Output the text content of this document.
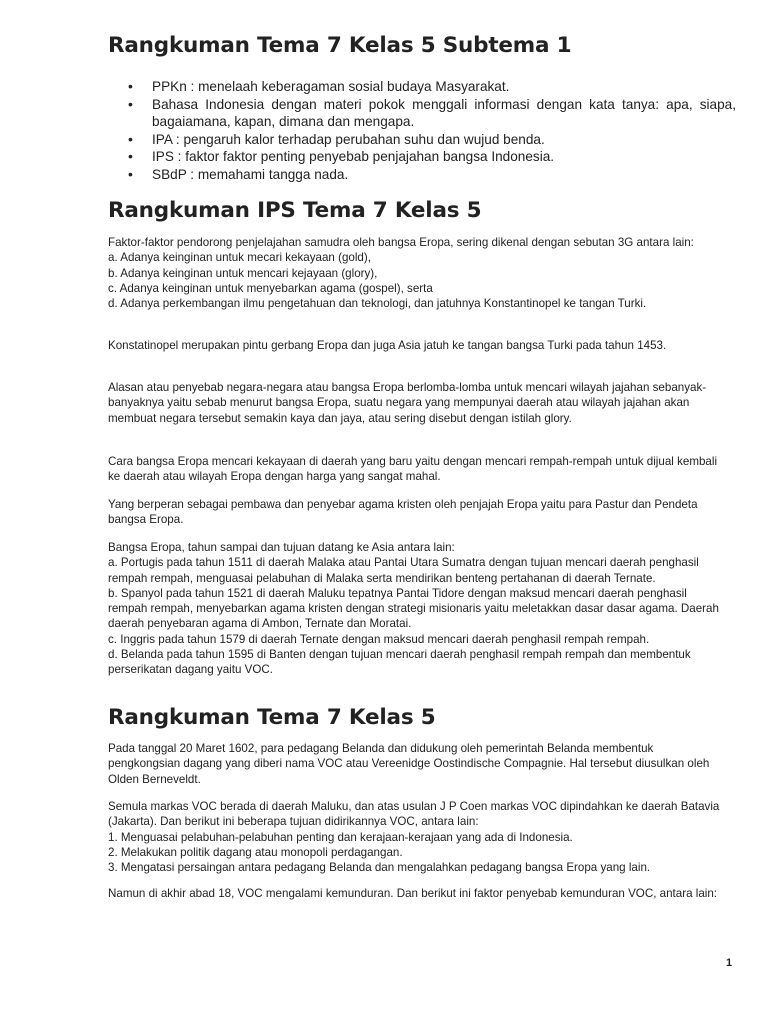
Rangkuman Tema 7 Kelas 5 Subtema 1
• PPKn : menelaah keberagaman sosial budaya Masyarakat.
• Bahasa Indonesia dengan materi pokok menggali informasi dengan kata tanya: apa, siapa, bagaiamana, kapan, dimana dan mengapa.
• IPA : pengaruh kalor terhadap perubahan suhu dan wujud benda.
• IPS : faktor faktor penting penyebab penjajahan bangsa Indonesia.
• SBdP : memahami tangga nada.
Rangkuman IPS Tema 7 Kelas 5
Faktor-faktor pendorong penjelajahan samudra oleh bangsa Eropa, sering dikenal dengan sebutan 3G antara lain:
a. Adanya keinginan untuk mecari kekayaan (gold),
b. Adanya keinginan untuk mencari kejayaan (glory),
c. Adanya keinginan untuk menyebarkan agama (gospel), serta
d. Adanya perkembangan ilmu pengetahuan dan teknologi, dan jatuhnya Konstantinopel ke tangan Turki.
Konstatinopel merupakan pintu gerbang Eropa dan juga Asia jatuh ke tangan bangsa Turki pada tahun 1453.
Alasan atau penyebab negara-negara atau bangsa Eropa berlomba-lomba untuk mencari wilayah jajahan sebanyak-banyaknya yaitu sebab menurut bangsa Eropa, suatu negara yang mempunyai daerah atau wilayah jajahan akan membuat negara tersebut semakin kaya dan jaya, atau sering disebut dengan istilah glory.
Cara bangsa Eropa mencari kekayaan di daerah yang baru yaitu dengan mencari rempah-rempah untuk dijual kembali ke daerah atau wilayah Eropa dengan harga yang sangat mahal.
Yang berperan sebagai pembawa dan penyebar agama kristen oleh penjajah Eropa yaitu para Pastur dan Pendeta bangsa Eropa.
Bangsa Eropa, tahun sampai dan tujuan datang ke Asia antara lain:
a. Portugis pada tahun 1511 di daerah Malaka atau Pantai Utara Sumatra dengan tujuan mencari daerah penghasil rempah rempah, menguasai pelabuhan di Malaka serta mendirikan benteng pertahanan di daerah Ternate.
b. Spanyol pada tahun 1521 di daerah Maluku tepatnya Pantai Tidore dengan maksud mencari daerah penghasil rempah rempah, menyebarkan agama kristen dengan strategi misionaris yaitu meletakkan dasar dasar agama. Daerah daerah penyebaran agama di Ambon, Ternate dan Moratai.
c. Inggris pada tahun 1579 di daerah Ternate dengan maksud mencari daerah penghasil rempah rempah.
d. Belanda pada tahun 1595 di Banten dengan tujuan mencari daerah penghasil rempah rempah dan membentuk perserikatan dagang yaitu VOC.
Rangkuman Tema 7 Kelas 5
Pada tanggal 20 Maret 1602, para pedagang Belanda dan didukung oleh pemerintah Belanda membentuk pengkongsian dagang yang diberi nama VOC atau Vereenidge Oostindische Compagnie. Hal tersebut diusulkan oleh Olden Berneveldt.
Semula markas VOC berada di daerah Maluku, dan atas usulan J P Coen markas VOC dipindahkan ke daerah Batavia (Jakarta). Dan berikut ini beberapa tujuan didirikannya VOC, antara lain:
1. Menguasai pelabuhan-pelabuhan penting dan kerajaan-kerajaan yang ada di Indonesia.
2. Melakukan politik dagang atau monopoli perdagangan.
3. Mengatasi persaingan antara pedagang Belanda dan mengalahkan pedagang bangsa Eropa yang lain.
Namun di akhir abad 18, VOC mengalami kemunduran. Dan berikut ini faktor penyebab kemunduran VOC, antara lain:
1
